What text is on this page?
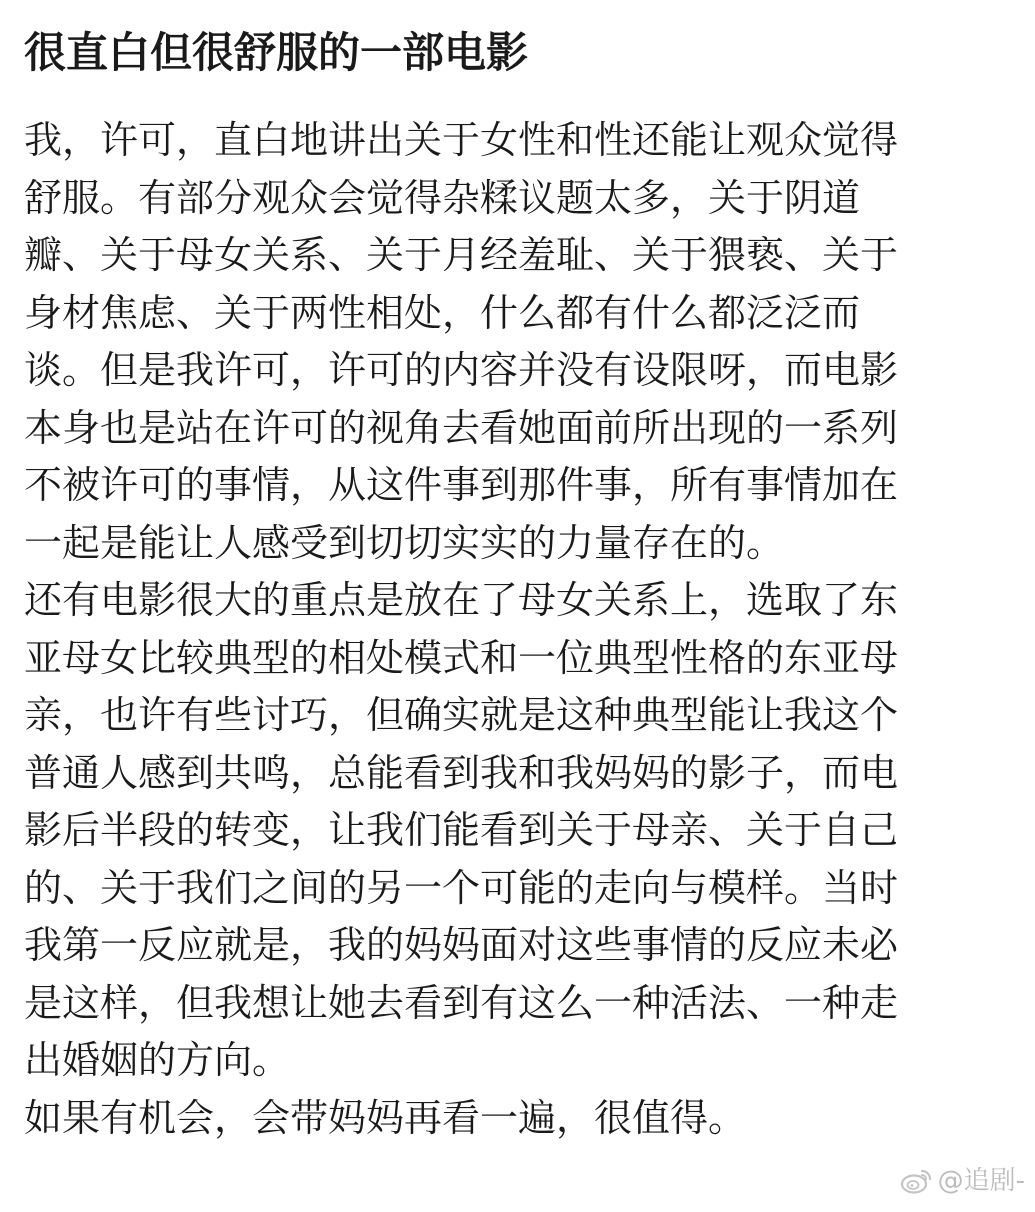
很直白但很舒服的一部电影
我，许可，直白地讲出关于女性和性还能让观众觉得
舒服。有部分观众会觉得杂糅议题太多，关于阴道
瓣、关于母女关系、关于月经羞耻、关于猥亵、关于
身材焦虑、关于两性相处，什么都有什么都泛泛而
谈。但是我许可，许可的内容并没有设限呀，而电影
本身也是站在许可的视角去看她面前所出现的一系列
不被许可的事情，从这件事到那件事，所有事情加在
一起是能让人感受到切切实实的力量存在的。
还有电影很大的重点是放在了母女关系上，选取了东
亚母女比较典型的相处模式和一位典型性格的东亚母
亲，也许有些讨巧，但确实就是这种典型能让我这个
普通人感到共鸣，总能看到我和我妈妈的影子，而电
影后半段的转变，让我们能看到关于母亲、关于自己
的、关于我们之间的另一个可能的走向与模样。当时
我第一反应就是，我的妈妈面对这些事情的反应未必
是这样，但我想让她去看到有这么一种活法、一种走
出婚姻的方向。
如果有机会，会带妈妈再看一遍，很值得。
@追剧-
